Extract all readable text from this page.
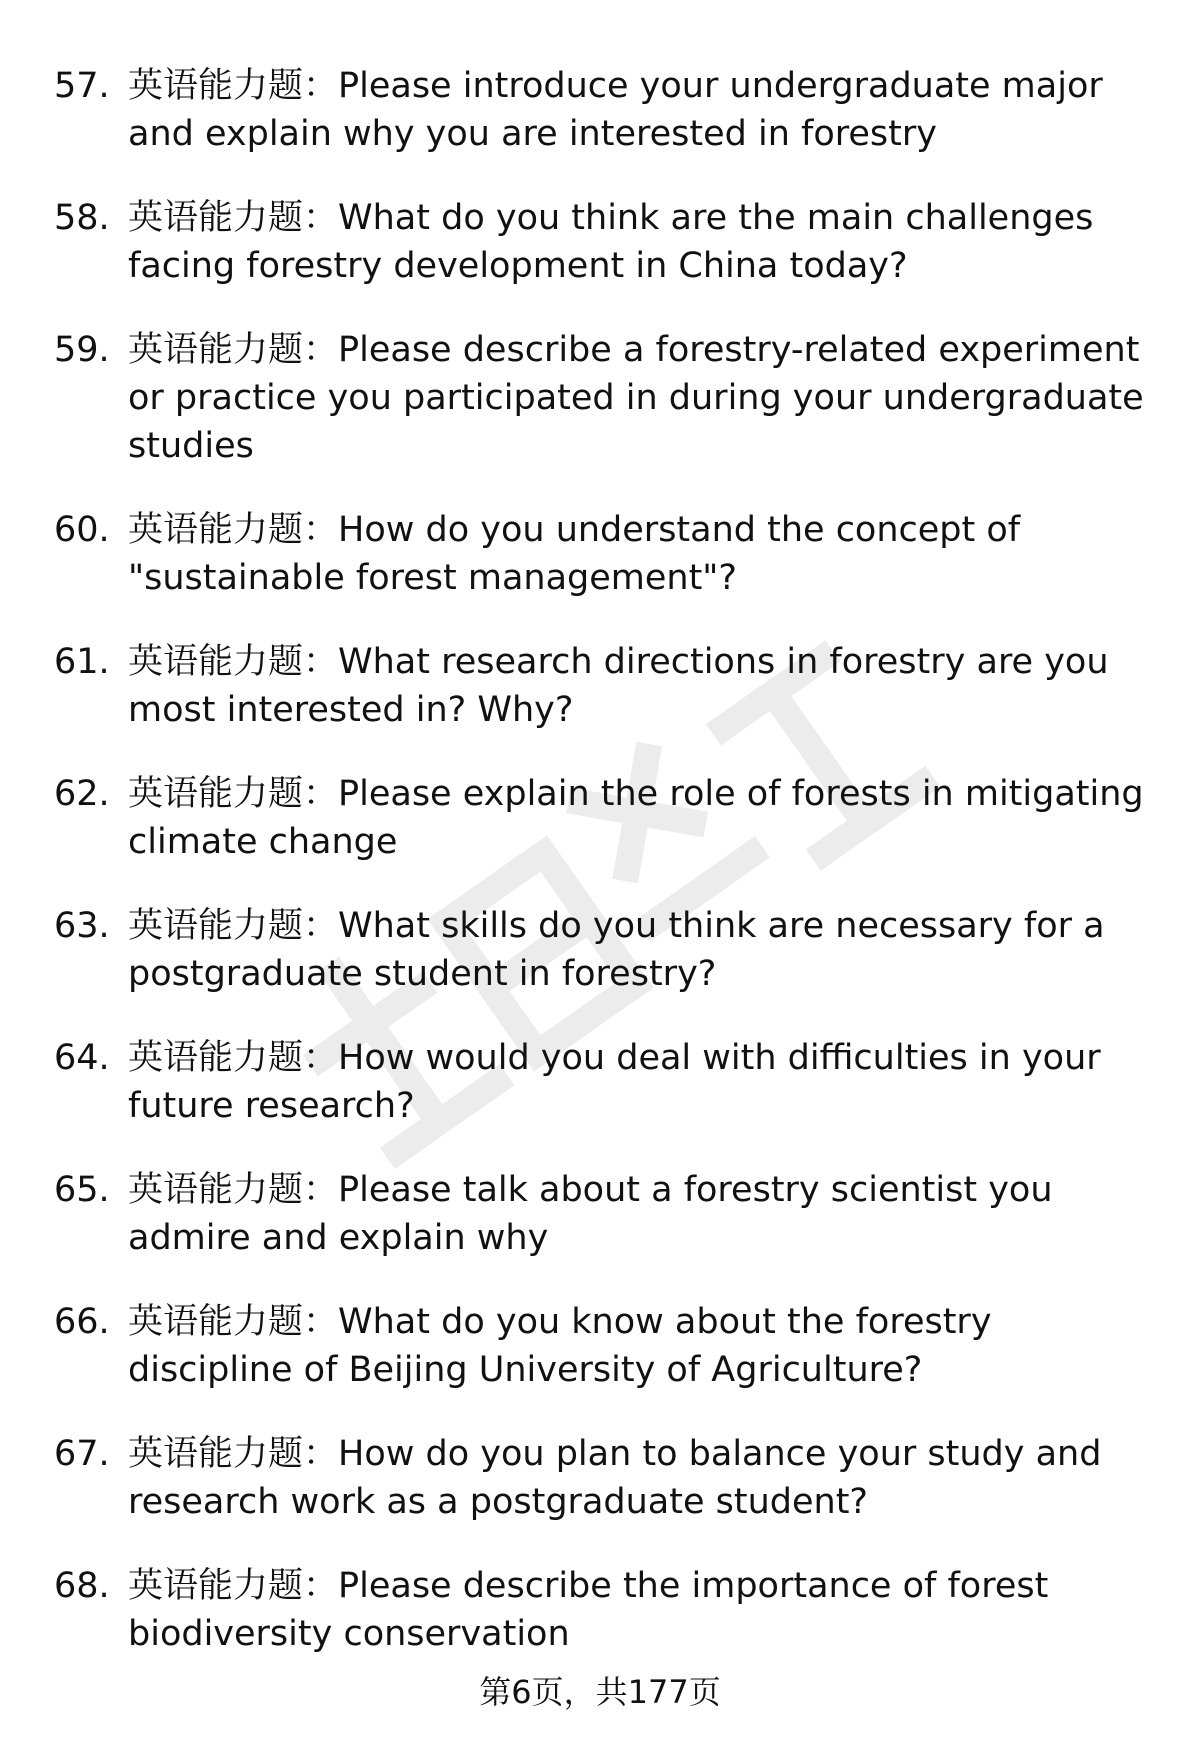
57. 英语能力题：Please introduce your undergraduate major and explain why you are interested in forestry
58. 英语能力题：What do you think are the main challenges facing forestry development in China today?
59. 英语能力题：Please describe a forestry-related experiment or practice you participated in during your undergraduate studies
60. 英语能力题：How do you understand the concept of "sustainable forest management"?
61. 英语能力题：What research directions in forestry are you most interested in? Why?
62. 英语能力题：Please explain the role of forests in mitigating climate change
63. 英语能力题：What skills do you think are necessary for a postgraduate student in forestry?
64. 英语能力题：How would you deal with difficulties in your future research?
65. 英语能力题：Please talk about a forestry scientist you admire and explain why
66. 英语能力题：What do you know about the forestry discipline of Beijing University of Agriculture?
67. 英语能力题：How do you plan to balance your study and research work as a postgraduate student?
68. 英语能力题：Please describe the importance of forest biodiversity conservation
第6页，共177页
